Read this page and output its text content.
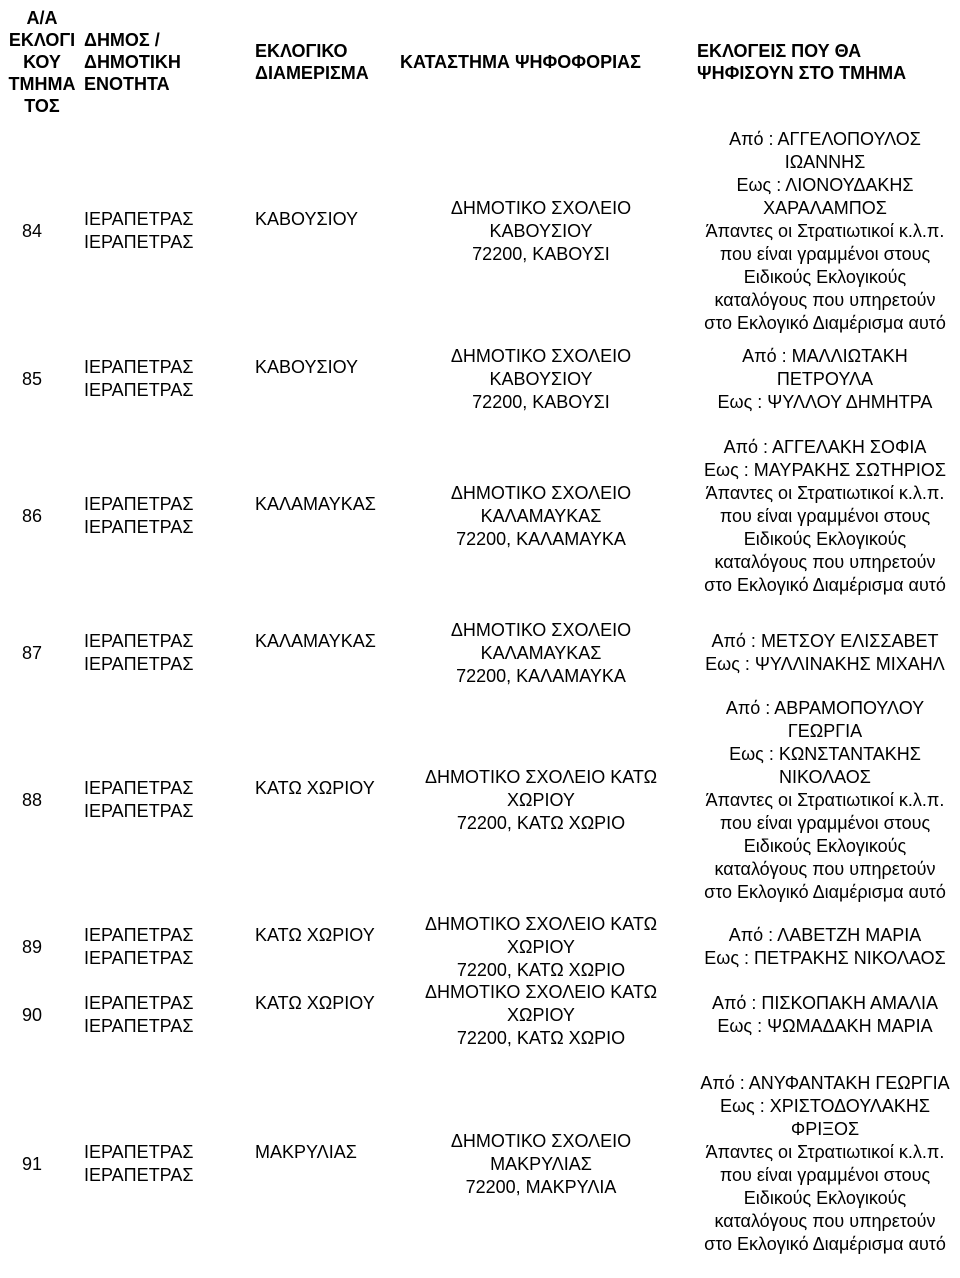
Α/Α
ΕΚΛΟΓΙ
ΚΟΥ
ΤΜΗΜΑ
ΤΟΣ
ΔΗΜΟΣ /
ΔΗΜΟΤΙΚΗ
ΕΝΟΤΗΤΑ
ΕΚΛΟΓΙΚΟ
ΔΙΑΜΕΡΙΣΜΑ
ΚΑΤΑΣΤΗΜΑ ΨΗΦΟΦΟΡΙΑΣ
ΕΚΛΟΓΕΙΣ ΠΟΥ ΘΑ
ΨΗΦΙΣΟΥΝ ΣΤΟ ΤΜΗΜΑ
84
ΙΕΡΑΠΕΤΡΑΣ
ΙΕΡΑΠΕΤΡΑΣ
ΚΑΒΟΥΣΙΟΥ
ΔΗΜΟΤΙΚΟ ΣΧΟΛΕΙΟ
ΚΑΒΟΥΣΙΟΥ
72200, ΚΑΒΟΥΣΙ
Από : ΑΓΓΕΛΟΠΟΥΛΟΣ
ΙΩΑΝΝΗΣ
Εως : ΛΙΟΝΟΥΔΑΚΗΣ
ΧΑΡΑΛΑΜΠΟΣ
Άπαντες οι Στρατιωτικοί κ.λ.π.
που είναι γραμμένοι στους
Ειδικούς Εκλογικούς
καταλόγους που υπηρετούν
στο Εκλογικό Διαμέρισμα αυτό
85
ΙΕΡΑΠΕΤΡΑΣ
ΙΕΡΑΠΕΤΡΑΣ
ΚΑΒΟΥΣΙΟΥ
ΔΗΜΟΤΙΚΟ ΣΧΟΛΕΙΟ
ΚΑΒΟΥΣΙΟΥ
72200, ΚΑΒΟΥΣΙ
Από : ΜΑΛΛΙΩΤΑΚΗ
ΠΕΤΡΟΥΛΑ
Εως : ΨΥΛΛΟΥ ΔΗΜΗΤΡΑ
86
ΙΕΡΑΠΕΤΡΑΣ
ΙΕΡΑΠΕΤΡΑΣ
ΚΑΛΑΜΑΥΚΑΣ
ΔΗΜΟΤΙΚΟ ΣΧΟΛΕΙΟ
ΚΑΛΑΜΑΥΚΑΣ
72200, ΚΑΛΑΜΑΥΚΑ
Από : ΑΓΓΕΛΑΚΗ ΣΟΦΙΑ
Εως : ΜΑΥΡΑΚΗΣ ΣΩΤΗΡΙΟΣ
Άπαντες οι Στρατιωτικοί κ.λ.π.
που είναι γραμμένοι στους
Ειδικούς Εκλογικούς
καταλόγους που υπηρετούν
στο Εκλογικό Διαμέρισμα αυτό
87
ΙΕΡΑΠΕΤΡΑΣ
ΙΕΡΑΠΕΤΡΑΣ
ΚΑΛΑΜΑΥΚΑΣ
ΔΗΜΟΤΙΚΟ ΣΧΟΛΕΙΟ
ΚΑΛΑΜΑΥΚΑΣ
72200, ΚΑΛΑΜΑΥΚΑ
Από : ΜΕΤΣΟΥ ΕΛΙΣΣΑΒΕΤ
Εως : ΨΥΛΛΙΝΑΚΗΣ ΜΙΧΑΗΛ
88
ΙΕΡΑΠΕΤΡΑΣ
ΙΕΡΑΠΕΤΡΑΣ
ΚΑΤΩ ΧΩΡΙΟΥ
ΔΗΜΟΤΙΚΟ ΣΧΟΛΕΙΟ ΚΑΤΩ
ΧΩΡΙΟΥ
72200, ΚΑΤΩ ΧΩΡΙΟ
Από : ΑΒΡΑΜΟΠΟΥΛΟΥ
ΓΕΩΡΓΙΑ
Εως : ΚΩΝΣΤΑΝΤΑΚΗΣ
ΝΙΚΟΛΑΟΣ
Άπαντες οι Στρατιωτικοί κ.λ.π.
που είναι γραμμένοι στους
Ειδικούς Εκλογικούς
καταλόγους που υπηρετούν
στο Εκλογικό Διαμέρισμα αυτό
89
ΙΕΡΑΠΕΤΡΑΣ
ΙΕΡΑΠΕΤΡΑΣ
ΚΑΤΩ ΧΩΡΙΟΥ
ΔΗΜΟΤΙΚΟ ΣΧΟΛΕΙΟ ΚΑΤΩ
ΧΩΡΙΟΥ
72200, ΚΑΤΩ ΧΩΡΙΟ
Από : ΛΑΒΕΤΖΗ ΜΑΡΙΑ
Εως : ΠΕΤΡΑΚΗΣ ΝΙΚΟΛΑΟΣ
90
ΙΕΡΑΠΕΤΡΑΣ
ΙΕΡΑΠΕΤΡΑΣ
ΚΑΤΩ ΧΩΡΙΟΥ
ΔΗΜΟΤΙΚΟ ΣΧΟΛΕΙΟ ΚΑΤΩ
ΧΩΡΙΟΥ
72200, ΚΑΤΩ ΧΩΡΙΟ
Από : ΠΙΣΚΟΠΑΚΗ ΑΜΑΛΙΑ
Εως : ΨΩΜΑΔΑΚΗ ΜΑΡΙΑ
91
ΙΕΡΑΠΕΤΡΑΣ
ΙΕΡΑΠΕΤΡΑΣ
ΜΑΚΡΥΛΙΑΣ
ΔΗΜΟΤΙΚΟ ΣΧΟΛΕΙΟ
ΜΑΚΡΥΛΙΑΣ
72200, ΜΑΚΡΥΛΙΑ
Από : ΑΝΥΦΑΝΤΑΚΗ ΓΕΩΡΓΙΑ
Εως : ΧΡΙΣΤΟΔΟΥΛΑΚΗΣ
ΦΡΙΞΟΣ
Άπαντες οι Στρατιωτικοί κ.λ.π.
που είναι γραμμένοι στους
Ειδικούς Εκλογικούς
καταλόγους που υπηρετούν
στο Εκλογικό Διαμέρισμα αυτό
